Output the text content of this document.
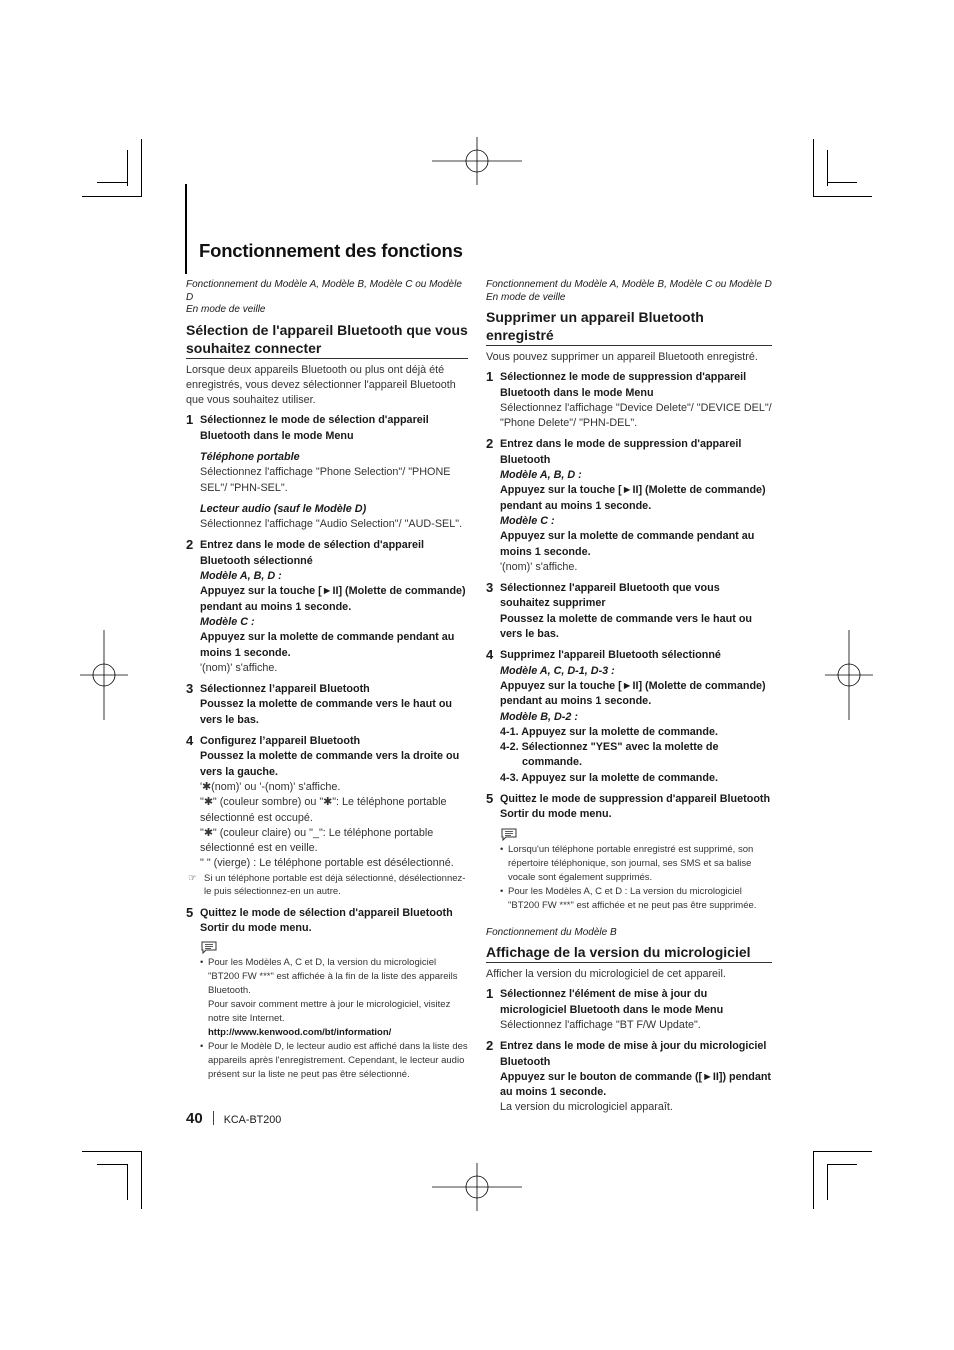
Fonctionnement des fonctions
Fonctionnement du Modèle A, Modèle B, Modèle C ou Modèle D
En mode de veille
Sélection de l'appareil Bluetooth que vous souhaitez connecter

Lorsque deux appareils Bluetooth ou plus ont déjà été enregistrés, vous devez sélectionner l'appareil Bluetooth que vous souhaitez utiliser.

1 Sélectionnez le mode de sélection d'appareil Bluetooth dans le mode Menu

Téléphone portable

Sélectionnez l'affichage "Phone Selection"/ "PHONE SEL"/ "PHN-SEL".

Lecteur audio (sauf le Modèle D)

Sélectionnez l'affichage "Audio Selection"/ "AUD-SEL".

2 Entrez dans le mode de sélection d'appareil Bluetooth sélectionné

Modèle A, B, D :

Appuyez sur la touche [►II] (Molette de commande) pendant au moins 1 seconde.

Modèle C :

Appuyez sur la molette de commande pendant au moins 1 seconde.

'(nom)' s'affiche.

3 Sélectionnez l’appareil Bluetooth

Poussez la molette de commande vers le haut ou vers le bas.

4 Configurez l’appareil Bluetooth

Poussez la molette de commande vers la droite ou vers la gauche.

'✱(nom)' ou '-(nom)' s'affiche.

"✱" (couleur sombre) ou "✱": Le téléphone portable sélectionné est occupé.

"✱" (couleur claire) ou "_": Le téléphone portable sélectionné est en veille.

" " (vierge) : Le téléphone portable est désélectionné.

☞ Si un téléphone portable est déjà sélectionné, désélectionnez-le puis sélectionnez-en un autre.
5 Quittez le mode de sélection d'appareil Bluetooth

Sortir du mode menu.

• Pour les Modèles A, C et D, la version du micrologiciel "BT200 FW ***" est affichée à la fin de la liste des appareils Bluetooth.
Pour savoir comment mettre à jour le micrologiciel, visitez notre site Internet.
http://www.kenwood.com/bt/information/
• Pour le Modèle D, le lecteur audio est affiché dans la liste des appareils après l'enregistrement. Cependant, le lecteur audio présent sur la liste ne peut pas être sélectionné.
Fonctionnement du Modèle A, Modèle B, Modèle C ou Modèle D
En mode de veille
Supprimer un appareil Bluetooth enregistré

Vous pouvez supprimer un appareil Bluetooth enregistré.

1 Sélectionnez le mode de suppression d'appareil Bluetooth dans le mode Menu

Sélectionnez l'affichage "Device Delete"/ "DEVICE DEL"/ "Phone Delete"/ "PHN-DEL".

2 Entrez dans le mode de suppression d'appareil Bluetooth

Modèle A, B, D :

Appuyez sur la touche [►II] (Molette de commande) pendant au moins 1 seconde.

Modèle C :

Appuyez sur la molette de commande pendant au moins 1 seconde.

'(nom)' s'affiche.

3 Sélectionnez l'appareil Bluetooth que vous souhaitez supprimer

Poussez la molette de commande vers le haut ou vers le bas.

4 Supprimez l'appareil Bluetooth sélectionné

Modèle A, C, D-1, D-3 :

Appuyez sur la touche [►II] (Molette de commande) pendant au moins 1 seconde.

Modèle B, D-2 :

4-1. Appuyez sur la molette de commande.

4-2. Sélectionnez "YES" avec la molette de commande.

4-3. Appuyez sur la molette de commande.

5 Quittez le mode de suppression d'appareil Bluetooth

Sortir du mode menu.

• Lorsqu'un téléphone portable enregistré est supprimé, son répertoire téléphonique, son journal, ses SMS et sa balise vocale sont également supprimés.
• Pour les Modèles A, C et D : La version du micrologiciel "BT200 FW ***" est affichée et ne peut pas être supprimée.
Fonctionnement du Modèle B
Affichage de la version du micrologiciel

Afficher la version du micrologiciel de cet appareil.

1 Sélectionnez l'élément de mise à jour du micrologiciel Bluetooth dans le mode Menu

Sélectionnez l'affichage "BT F/W Update".

2 Entrez dans le mode de mise à jour du micrologiciel Bluetooth

Appuyez sur le bouton de commande ([►II]) pendant au moins 1 seconde.

La version du micrologiciel apparaît.

40 KCA-BT200
